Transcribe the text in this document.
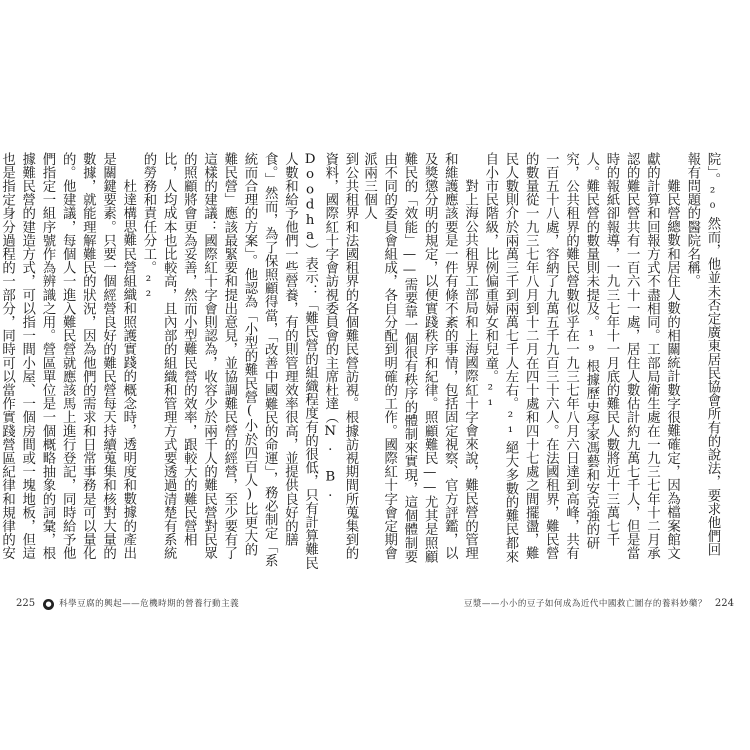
到公共租界和法國租界的各個難民營訪視。根據訪視期間所蒐集到的資料，國際紅十字會訪視委員會的主席杜達（N. B. Doodha）表示：「難民營的組織程度有的很低，只有計算難民人數和給予他們一些營養，有的則管理效率很高，並提供良好的膳食。」然而，為了保照顧得當，「改善中國難民的命運」，務必制定「系統而合理的方案」。他認為「小型的難民營(小於四百人)比更大的難民營」應該最緊要和提出意見，並協調難民營的經營，至少要有了這樣的建議：國際紅十字會則認為，收容少於兩千人的難民營對民眾的照顧將會更為妥善，然而小型難民營的效率，跟較大的難民營相比，人均成本也比較高，且內部的組織和管理方式要透過清楚有系統的勞務和責任分工。²²

杜達構思難民營組織和照護實踐的概念時，透明度和數據的產出是關鍵要素。只要一個經營良好的難民營每天持續蒐集和核對大量的數據，就能理解難民的狀況，因為他們的需求和日常事務是可以量化的。他建議，每個人一進入難民營就應該馬上進行登記，同時給予他們指定一組序號作為辨識之用。營區單位是一個概略抽象的詞彙，根據難民營的建造方式，可以指一間小屋、一個房間或一塊地板，但這也是指定身分過程的一部分，同時可以當作實踐營區紀律和規律的安	院」。²⁰然而，他並未否定廣東居民協會所有的說法，要求他們回報有問題的醫院名稱。

難民營總數和居住人數的相關統計數字很難確定，因為檔案館文獻的計算和回報方式不盡相同。工部局衛生處在一九三七年十二月承認的難民營共有一百六十一處，居住人數估計約九萬七千人，但是當時的報紙卻報導，一九三七年十一月底的難民人數將近十三萬七千人。難民營的數量則未提及。¹⁹根據歷史學家馮藝和安克強的研究，公共租界的難民營數似乎在一九三七年八月六日達到高峰，共有一百五十八處，容納了九萬五千九百三十六人。在法國租界，難民營的數量從一九三七年八月到十二月在四十處和四十七處之間擺盪，難民人數則介於兩萬三千到兩萬七千人左右。²¹絕大多數的難民都來自小市民階級，比例偏重婦女和兒童。²¹

對上海公共租界工部局和上海國際紅十字會來說，難民營的管理和維護應該要是一件有條不紊的事情，包括固定視察、官方評鑑，以及獎懲分明的規定，以便實踐秩序和紀律。照顧難民——尤其是照顧難民的「效能」——需要靠一個很有秩序的體制來實現，這個體制要由不同的委員會組成，各自分配到明確的工作。國際紅十字會定期會派兩三個人

225	● 科學豆腐的興起——危機時期的營養行動主義	豆漿——小小的豆子如何成為近代中國救亡圖存的養料妙藥？ 224
